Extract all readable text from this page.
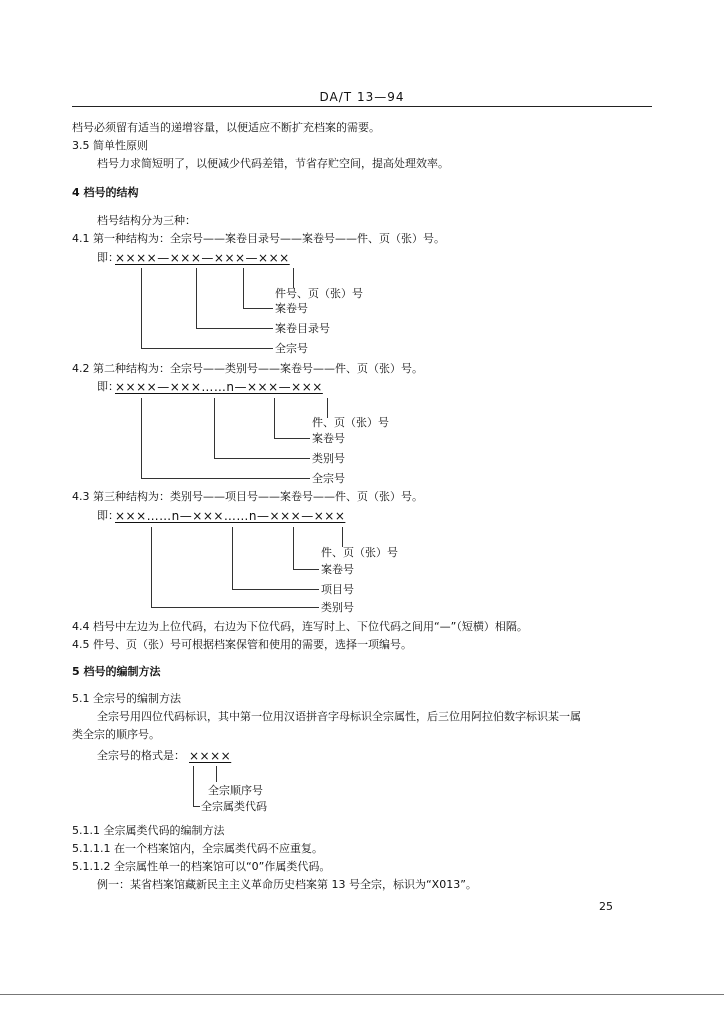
DA/T 13—94
档号必须留有适当的递增容量，以便适应不断扩充档案的需要。
3.5 简单性原则
档号力求简短明了，以便减少代码差错，节省存贮空间，提高处理效率。
4 档号的结构
档号结构分为三种：
4.1 第一种结构为：全宗号——案卷目录号——案卷号——件、页（张）号。
即：
××××—×××—×××—×××
件号、页（张）号
案卷号
案卷目录号
全宗号
4.2 第二种结构为：全宗号——类别号——案卷号——件、页（张）号。
即：
××××—×××……n—×××—×××
件、页（张）号
案卷号
类别号
全宗号
4.3 第三种结构为：类别号——项目号——案卷号——件、页（张）号。
即：
×××……n—×××……n—×××—×××
件、页（张）号
案卷号
项目号
类别号
4.4 档号中左边为上位代码，右边为下位代码，连写时上、下位代码之间用“—”（短横）相隔。
4.5 件号、页（张）号可根据档案保管和使用的需要，选择一项编号。
5 档号的编制方法
5.1 全宗号的编制方法
全宗号用四位代码标识，其中第一位用汉语拼音字母标识全宗属性，后三位用阿拉伯数字标识某一属
类全宗的顺序号。
全宗号的格式是： ××××
全宗顺序号
全宗属类代码
5.1.1 全宗属类代码的编制方法
5.1.1.1 在一个档案馆内，全宗属类代码不应重复。
5.1.1.2 全宗属性单一的档案馆可以“0”作属类代码。
例一：某省档案馆藏新民主主义革命历史档案第 13 号全宗，标识为“X013”。
25
